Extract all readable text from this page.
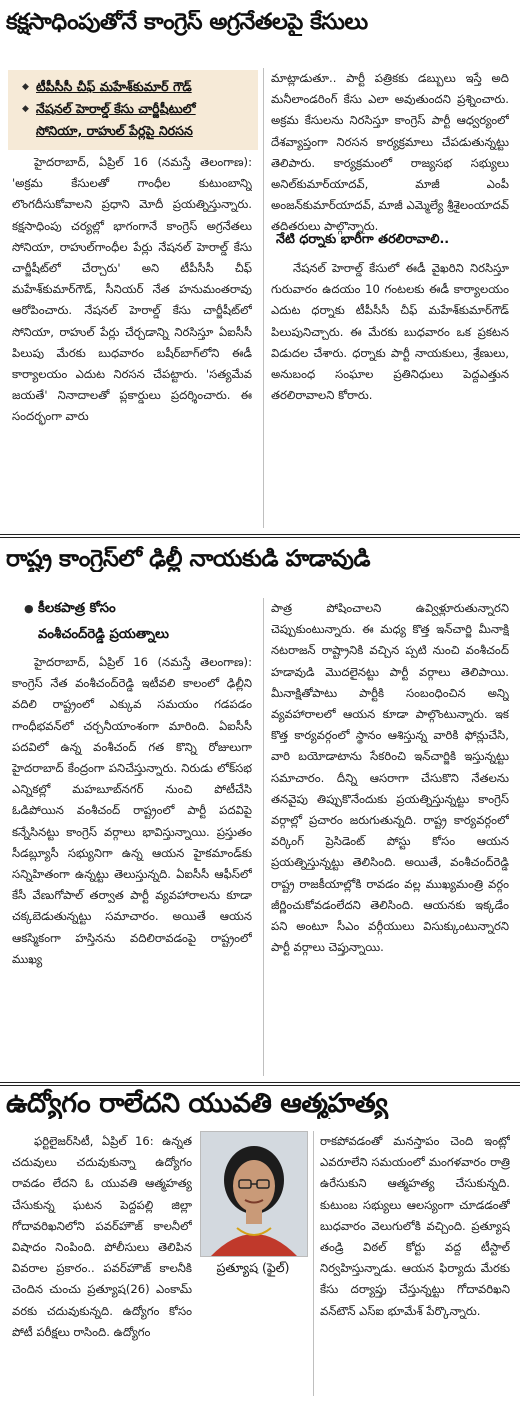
కక్షసాధింపుతోనే కాంగ్రెస్ అగ్రనేతలపై కేసులు
◆ టీపీసీసీ చీఫ్ మహేశ్‌కుమార్ గౌడ్
◆ నేషనల్ హెరాల్డ్ కేసు చార్జీషీటులో
సోనియా, రాహుల్ పేర్లపై నిరసన

హైదరాబాద్, ఏప్రిల్ 16 (నమస్తే తెలంగాణ): 'అక్రమ కేసులతో గాంధీల కుటుంబాన్ని లొంగదీసుకోవాలని ప్రధాని మోదీ ప్రయత్నిస్తున్నారు. కక్షసాధింపు చర్యల్లో భాగంగానే కాంగ్రెస్ అగ్రనేతలు సోనియా, రాహుల్‌గాంధీల పేర్లు నేషనల్ హెరాల్డ్ కేసు చార్జీషీట్‌లో చేర్చారు' అని టీపీసీసీ చీఫ్ మహేశ్‌కుమార్‌గౌడ్, సీనియర్ నేత హనుమంతరావు ఆరోపించారు. నేషనల్ హెరాల్డ్ కేసు చార్జీషీట్‌లో సోనియా, రాహుల్ పేర్లు చేర్చడాన్ని నిరసిస్తూ ఏఐసీసీ పిలుపు మేరకు బుధవారం బషీర్‌బాగ్‌లోని ఈడీ కార్యాలయం ఎదుట నిరసన చేపట్టారు. 'సత్యమేవ జయతే' నినాదాలతో ప్లకార్డులు ప్రదర్శించారు. ఈ సందర్భంగా వారు

మాట్లాడుతూ.. పార్టీ పత్రికకు డబ్బులు ఇస్తే అది మనీలాండరింగ్ కేసు ఎలా అవుతుందని ప్రశ్నించారు. అక్రమ కేసులను నిరసిస్తూ కాంగ్రెస్ పార్టీ ఆధ్వర్యంలో దేశవ్యాప్తంగా నిరసన కార్యక్రమాలు చేపడుతున్నట్టు తెలిపారు. కార్యక్రమంలో రాజ్యసభ సభ్యులు అనిల్‌కుమార్‌యాదవ్, మాజీ ఎంపీ అంజన్‌కుమార్‌యాదవ్, మాజీ ఎమ్మెల్యే శ్రీశైలంయాదవ్ తదితరులు పాల్గొన్నారు.

నేటి ధర్నాకు భారీగా తరలిరావాలి..

నేషనల్ హెరాల్డ్ కేసులో ఈడీ వైఖరిని నిరసిస్తూ గురువారం ఉదయం 10 గంటలకు ఈడీ కార్యాలయం ఎదుట ధర్నాకు టీపీసీసీ చీఫ్ మహేశ్‌కుమార్‌గౌడ్ పిలుపునిచ్చారు. ఈ మేరకు బుధవారం ఒక ప్రకటన విడుదల చేశారు. ధర్నాకు పార్టీ నాయకులు, శ్రేణులు, అనుబంధ సంఘాల ప్రతినిధులు పెద్దఎత్తున తరలిరావాలని కోరారు.

రాష్ట్ర కాంగ్రెస్‌లో ఢిల్లీ నాయకుడి హడావుడి
● కీలకపాత్ర కోసం
వంశీచంద్‌రెడ్డి ప్రయత్నాలు

హైదరాబాద్, ఏప్రిల్ 16 (నమస్తే తెలంగాణ): కాంగ్రెస్ నేత వంశీచంద్‌రెడ్డి ఇటీవలి కాలంలో ఢిల్లీని వదిలి రాష్ట్రంలో ఎక్కువ సమయం గడపడం గాంధీభవన్‌లో చర్చనీయాంశంగా మారింది. ఏఐసీసీ పదవిలో ఉన్న వంశీచంద్ గత కొన్ని రోజులుగా హైదరాబాద్ కేంద్రంగా పనిచేస్తున్నారు. నిరుడు లోక్‌సభ ఎన్నికల్లో మహబూబ్‌నగర్ నుంచి పోటీచేసి ఓడిపోయిన వంశీచంద్ రాష్ట్రంలో పార్టీ పదవిపై కన్నేసినట్టు కాంగ్రెస్ వర్గాలు భావిస్తున్నాయి. ప్రస్తుతం సీడబ్ల్యూసీ సభ్యునిగా ఉన్న ఆయన హైకమాండ్‌కు సన్నిహితంగా ఉన్నట్టు తెలుస్తున్నది. ఏఐసీసీ ఆఫీస్‌లో కేసీ వేణుగోపాల్ తర్వాత పార్టీ వ్యవహారాలను కూడా చక్కబెడుతున్నట్టు సమాచారం. అయితే ఆయన ఆకస్మికంగా హస్తినను వదిలిరావడంపై రాష్ట్రంలో ముఖ్య

పాత్ర పోషించాలని ఉవ్విళ్లూరుతున్నారని చెప్పుకుంటున్నారు. ఈ మధ్య కొత్త ఇన్‌చార్జి మీనాక్షి నటరాజన్ రాష్ట్రానికి వచ్చిన ప్పటి నుంచి వంశీచంద్ హడావుడి మొదలైనట్టు పార్టీ వర్గాలు తెలిపాయి. మీనాక్షితోపాటు పార్టీకి సంబంధించిన అన్ని వ్యవహారాలలో ఆయన కూడా పాల్గొంటున్నారు. ఇక కొత్త కార్యవర్గంలో స్థానం ఆశిస్తున్న వారికి ఫోన్లుచేసి, వారి బయోడాటాను సేకరించి ఇన్‌చార్జికి ఇస్తున్నట్టు సమాచారం. దీన్ని ఆసరాగా చేసుకొని నేతలను తనవైపు తిప్పుకొనేందుకు ప్రయత్నిస్తున్నట్టు కాంగ్రెస్ వర్గాల్లో ప్రచారం జరుగుతున్నది. రాష్ట్ర కార్యవర్గంలో వర్కింగ్ ప్రెసిడెంట్ పోస్టు కోసం ఆయన ప్రయత్నిస్తున్నట్టు తెలిసింది. అయితే, వంశీచంద్‌రెడ్డి రాష్ట్ర రాజకీయాల్లోకి రావడం వల్ల ముఖ్యమంత్రి వర్గం జీర్ణించుకోవడంలేదని తెలిసింది. ఆయనకు ఇక్కడేం పని అంటూ సీఎం వర్గీయులు విసుక్కుంటున్నారని పార్టీ వర్గాలు చెప్తున్నాయి.

ఉద్యోగం రాలేదని యువతి ఆత్మహత్య

ఫర్టిలైజర్‌సిటీ, ఏప్రిల్ 16: ఉన్నత చదువులు చదువుకున్నా ఉద్యోగం రావడం లేదని ఓ యువతి ఆత్మహత్య చేసుకున్న ఘటన పెద్దపల్లి జిల్లా గోదావరిఖనిలోని పవర్‌హౌజ్ కాలనీలో విషాదం నింపింది. పోలీసులు తెలిపిన వివరాల ప్రకారం.. పవర్‌హౌజ్ కాలనీకి చెందిన చుంచు ప్రత్యూష(26) ఎంకామ్ వరకు చదువుకున్నది. ఉద్యోగం కోసం పోటీ పరీక్షలు రాసింది. ఉద్యోగం

ప్రత్యూష (ఫైల్)

రాకపోవడంతో మనస్తాపం చెంది ఇంట్లో ఎవరూలేని సమయంలో మంగళవారం రాత్రి ఉరేసుకుని ఆత్మహత్య చేసుకున్నది. కుటుంబ సభ్యులు ఆలస్యంగా చూడడంతో బుధవారం వెలుగులోకి వచ్చింది. ప్రత్యూష తండ్రి విఠల్ కోర్టు వద్ద టీస్టాల్ నిర్వహిస్తున్నాడు. ఆయన ఫిర్యాదు మేరకు కేసు దర్యాప్తు చేస్తున్నట్టు గోదావరిఖని వన్‌టౌన్ ఎస్ఐ భూమేశ్ పేర్కొన్నారు.
